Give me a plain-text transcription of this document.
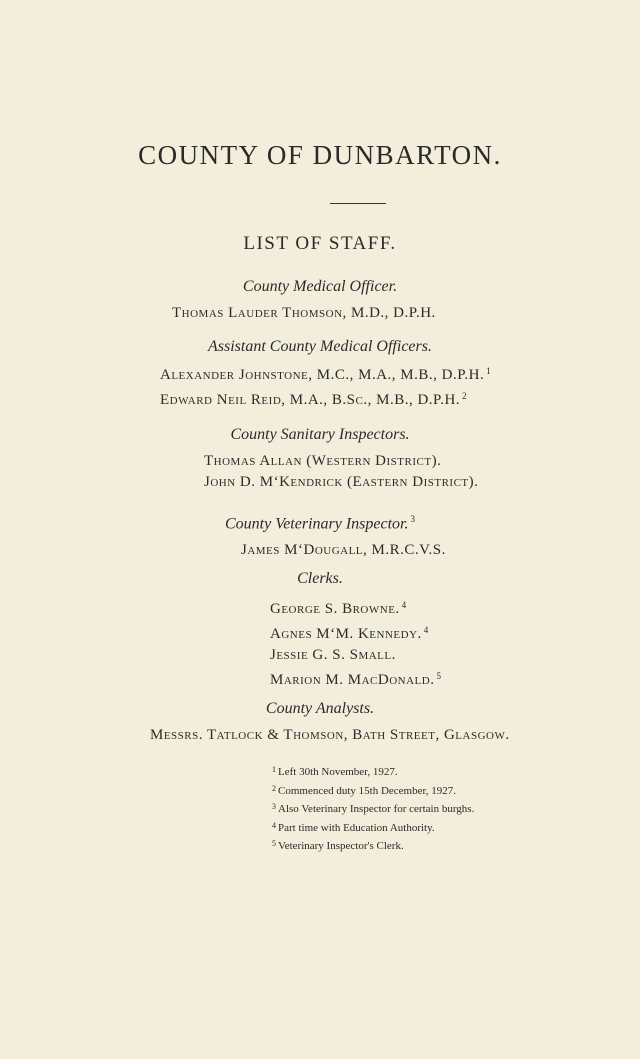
COUNTY OF DUNBARTON.
LIST OF STAFF.
County Medical Officer.
Thomas Lauder Thomson, M.D., D.P.H.
Assistant County Medical Officers.
Alexander Johnstone, M.C., M.A., M.B., D.P.H. $^1$
Edward Neil Reid, M.A., B.Sc., M.B., D.P.H. $^2$
County Sanitary Inspectors.
Thomas Allan (Western District).
John D. M‘Kendrick (Eastern District).
County Veterinary Inspector. $^3$
James M‘Dougall, M.R.C.V.S.
Clerks.
George S. Browne. $^4$
Agnes M‘M. Kennedy. $^4$
Jessie G. S. Small.
Marion M. MacDonald. $^5$
County Analysts.
Messrs. Tatlock & Thomson, Bath Street, Glasgow.
$^1$ Left 30th November, 1927.
$^2$ Commenced duty 15th December, 1927.
$^3$ Also Veterinary Inspector for certain burghs.
$^4$ Part time with Education Authority.
$^5$ Veterinary Inspector's Clerk.
